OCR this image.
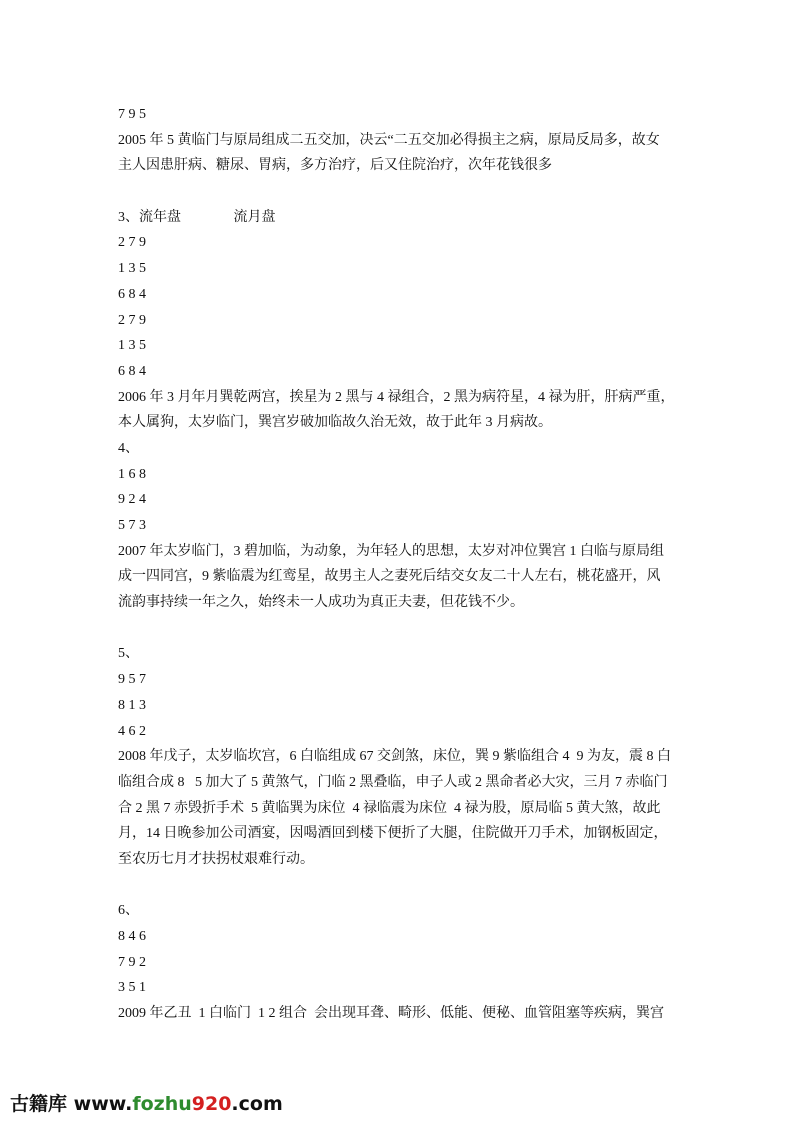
7 9 5
2005 年 5 黄临门与原局组成二五交加，决云“二五交加必得损主之病，原局反局多，故女
主人因患肝病、糖尿、胃病，多方治疗，后又住院治疗，次年花钱很多
3、流年盘               流月盘
2 7 9
1 3 5
6 8 4
2 7 9
1 3 5
6 8 4
2006 年 3 月年月巽乾两宫，挨星为 2 黑与 4 禄组合，2 黑为病符星，4 禄为肝，肝病严重，
本人属狗，太岁临门，巽宫岁破加临故久治无效，故于此年 3 月病故。
4、
1 6 8
9 2 4
5 7 3
2007 年太岁临门，3 碧加临，为动象，为年轻人的思想，太岁对冲位巽宫 1 白临与原局组
成一四同宫，9 紫临震为红鸾星，故男主人之妻死后结交女友二十人左右，桃花盛开，风
流韵事持续一年之久，始终未一人成功为真正夫妻，但花钱不少。
5、
9 5 7
8 1 3
4 6 2
2008 年戊子，太岁临坎宫，6 白临组成 67 交剑煞，床位，巽 9 紫临组合 4  9 为友，震 8 白
临组合成 8   5 加大了 5 黄煞气，门临 2 黑叠临，申子人或 2 黑命者必大灾，三月 7 赤临门
合 2 黑 7 赤毁折手术  5 黄临巽为床位  4 禄临震为床位  4 禄为股，原局临 5 黄大煞，故此
月，14 日晚参加公司酒宴，因喝酒回到楼下便折了大腿，住院做开刀手术，加钢板固定，
至农历七月才扶拐杖艰难行动。
6、
8 4 6
7 9 2
3 5 1
2009 年乙丑  1 白临门  1 2 组合  会出现耳聋、畸形、低能、便秘、血管阻塞等疾病，巽宫
古籍库 www.fozhu920.com
